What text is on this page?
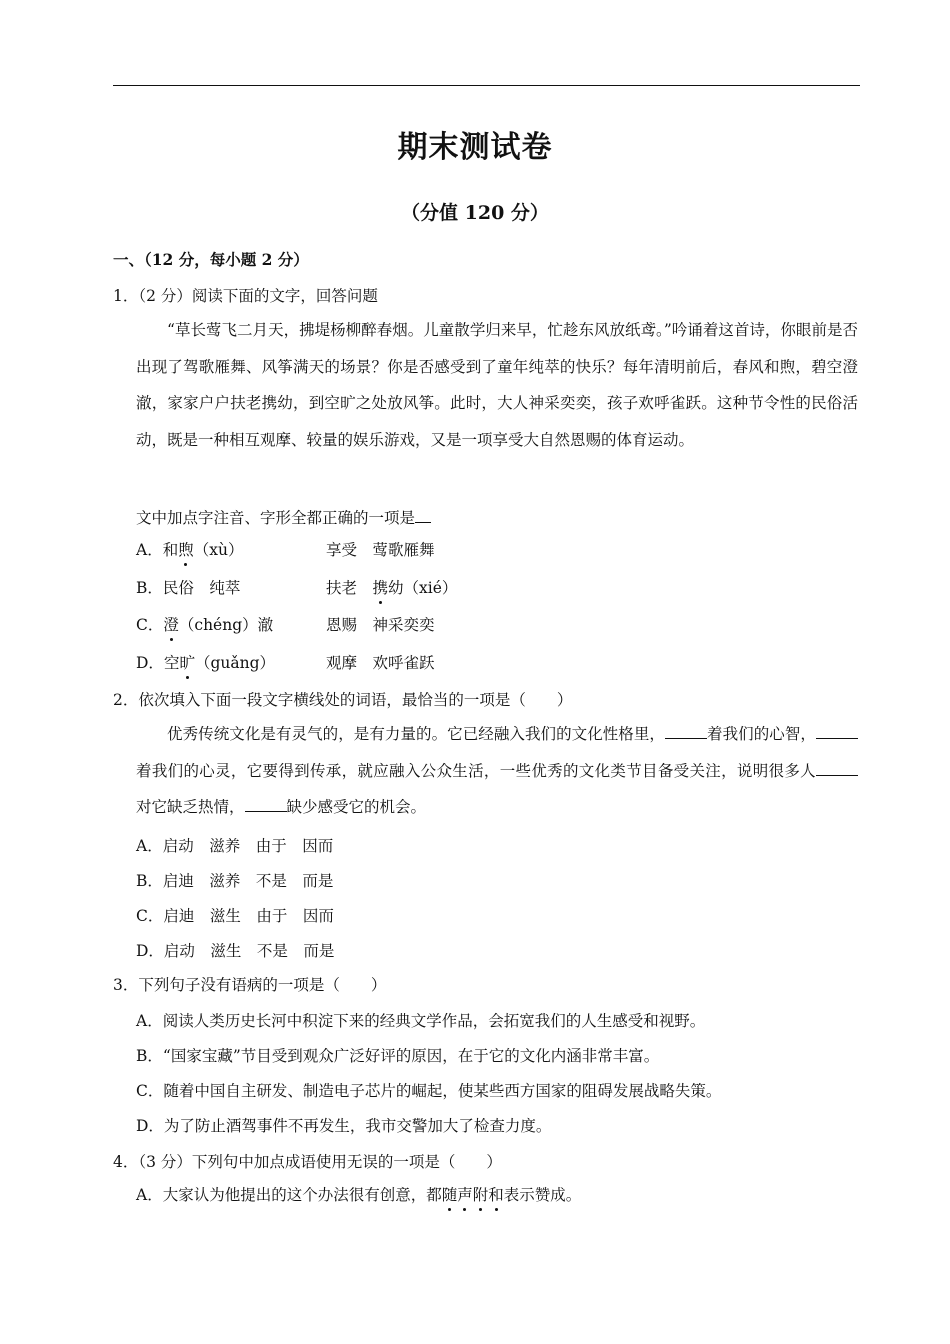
期末测试卷
（分值 120 分）
一、（12 分，每小题 2 分）
1．（2 分）阅读下面的文字，回答问题
“草长莺飞二月天，拂堤杨柳醉春烟。儿童散学归来早，忙趁东风放纸鸢。”吟诵着这首诗，你眼前是否出现了驾歌雁舞、风筝满天的场景？你是否感受到了童年纯萃的快乐？每年清明前后，春风和煦，碧空澄澈，家家户户扶老携幼，到空旷之处放风筝。此时，大人神采奕奕，孩子欢呼雀跃。这种节令性的民俗活动，既是一种相互观摩、较量的娱乐游戏，又是一项享受大自然恩赐的体育运动。
文中加点字注音、字形全都正确的一项是
A．和煦（xù）	享受　莺歌雁舞
B．民俗　纯萃	扶老　携幼（xié）
C．澄（chéng）澈	恩赐　神采奕奕
D．空旷（guǎng）	观摩　欢呼雀跃
2．依次填入下面一段文字横线处的词语，最恰当的一项是（　　）
优秀传统文化是有灵气的，是有力量的。它已经融入我们的文化性格里，	着我们的心智，着我们的心灵，它要得到传承，就应融入公众生活，一些优秀的文化类节目备受关注，说明很多人对它缺乏热情，	缺少感受它的机会。
A．启动　滋养　由于　因而
B．启迪　滋养　不是　而是
C．启迪　滋生　由于　因而
D．启动　滋生　不是　而是
3．下列句子没有语病的一项是（　　）
A．阅读人类历史长河中积淀下来的经典文学作品，会拓宽我们的人生感受和视野。
B．“国家宝藏”节目受到观众广泛好评的原因，在于它的文化内涵非常丰富。
C．随着中国自主研发、制造电子芯片的崛起，使某些西方国家的阻碍发展战略失策。
D．为了防止酒驾事件不再发生，我市交警加大了检查力度。
4．（3 分）下列句中加点成语使用无误的一项是（　　）
A．大家认为他提出的这个办法很有创意，都随声附和表示赞成。
